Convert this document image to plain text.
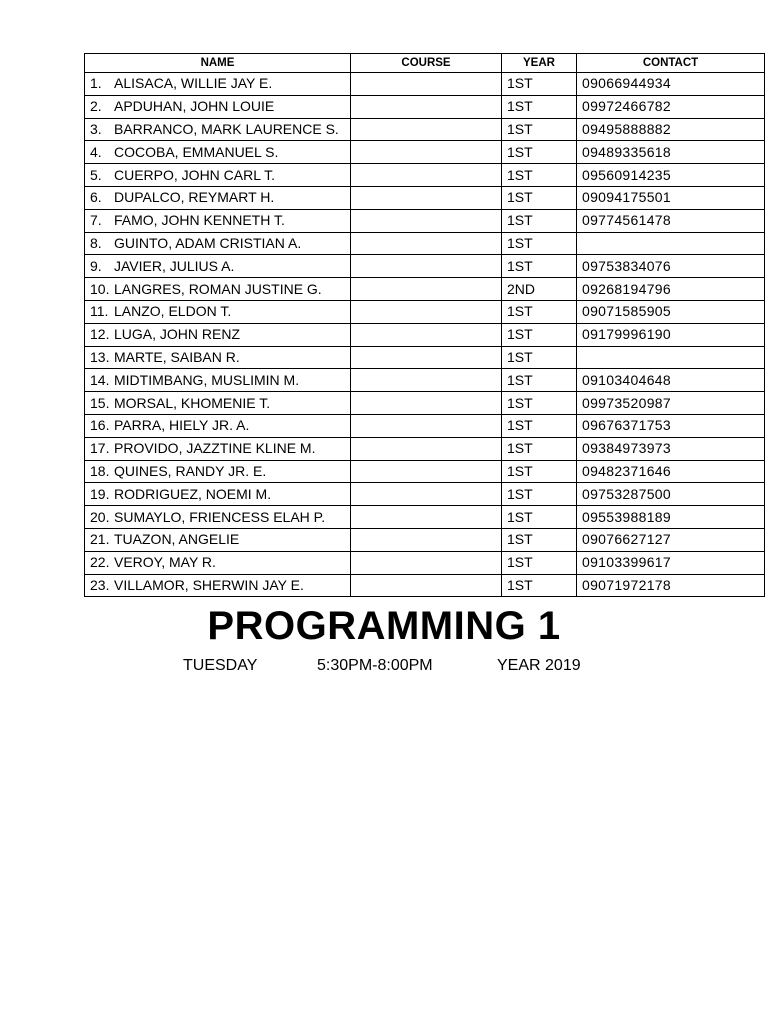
NAME	COURSE	YEAR	CONTACT
1. ALISACA, WILLIE JAY E.		1ST	09066944934
2. APDUHAN, JOHN LOUIE		1ST	09972466782
3. BARRANCO, MARK LAURENCE S.		1ST	09495888882
4. COCOBA, EMMANUEL S.		1ST	09489335618
5. CUERPO, JOHN CARL T.		1ST	09560914235
6. DUPALCO, REYMART H.		1ST	09094175501
7. FAMO, JOHN KENNETH T.		1ST	09774561478
8. GUINTO, ADAM CRISTIAN A.		1ST	
9. JAVIER, JULIUS A.		1ST	09753834076
10. LANGRES, ROMAN JUSTINE G.		2ND	09268194796
11. LANZO, ELDON T.		1ST	09071585905
12. LUGA, JOHN RENZ		1ST	09179996190
13. MARTE, SAIBAN R.		1ST	
14. MIDTIMBANG, MUSLIMIN M.		1ST	09103404648
15. MORSAL, KHOMENIE T.		1ST	09973520987
16. PARRA, HIELY JR. A.		1ST	09676371753
17. PROVIDO, JAZZTINE KLINE M.		1ST	09384973973
18. QUINES, RANDY JR. E.		1ST	09482371646
19. RODRIGUEZ, NOEMI M.		1ST	09753287500
20. SUMAYLO, FRIENCESS ELAH P.		1ST	09553988189
21. TUAZON, ANGELIE		1ST	09076627127
22. VEROY, MAY R.		1ST	09103399617
23. VILLAMOR, SHERWIN JAY E.		1ST	09071972178
PROGRAMMING 1
TUESDAY	5:30PM-8:00PM	YEAR 2019
